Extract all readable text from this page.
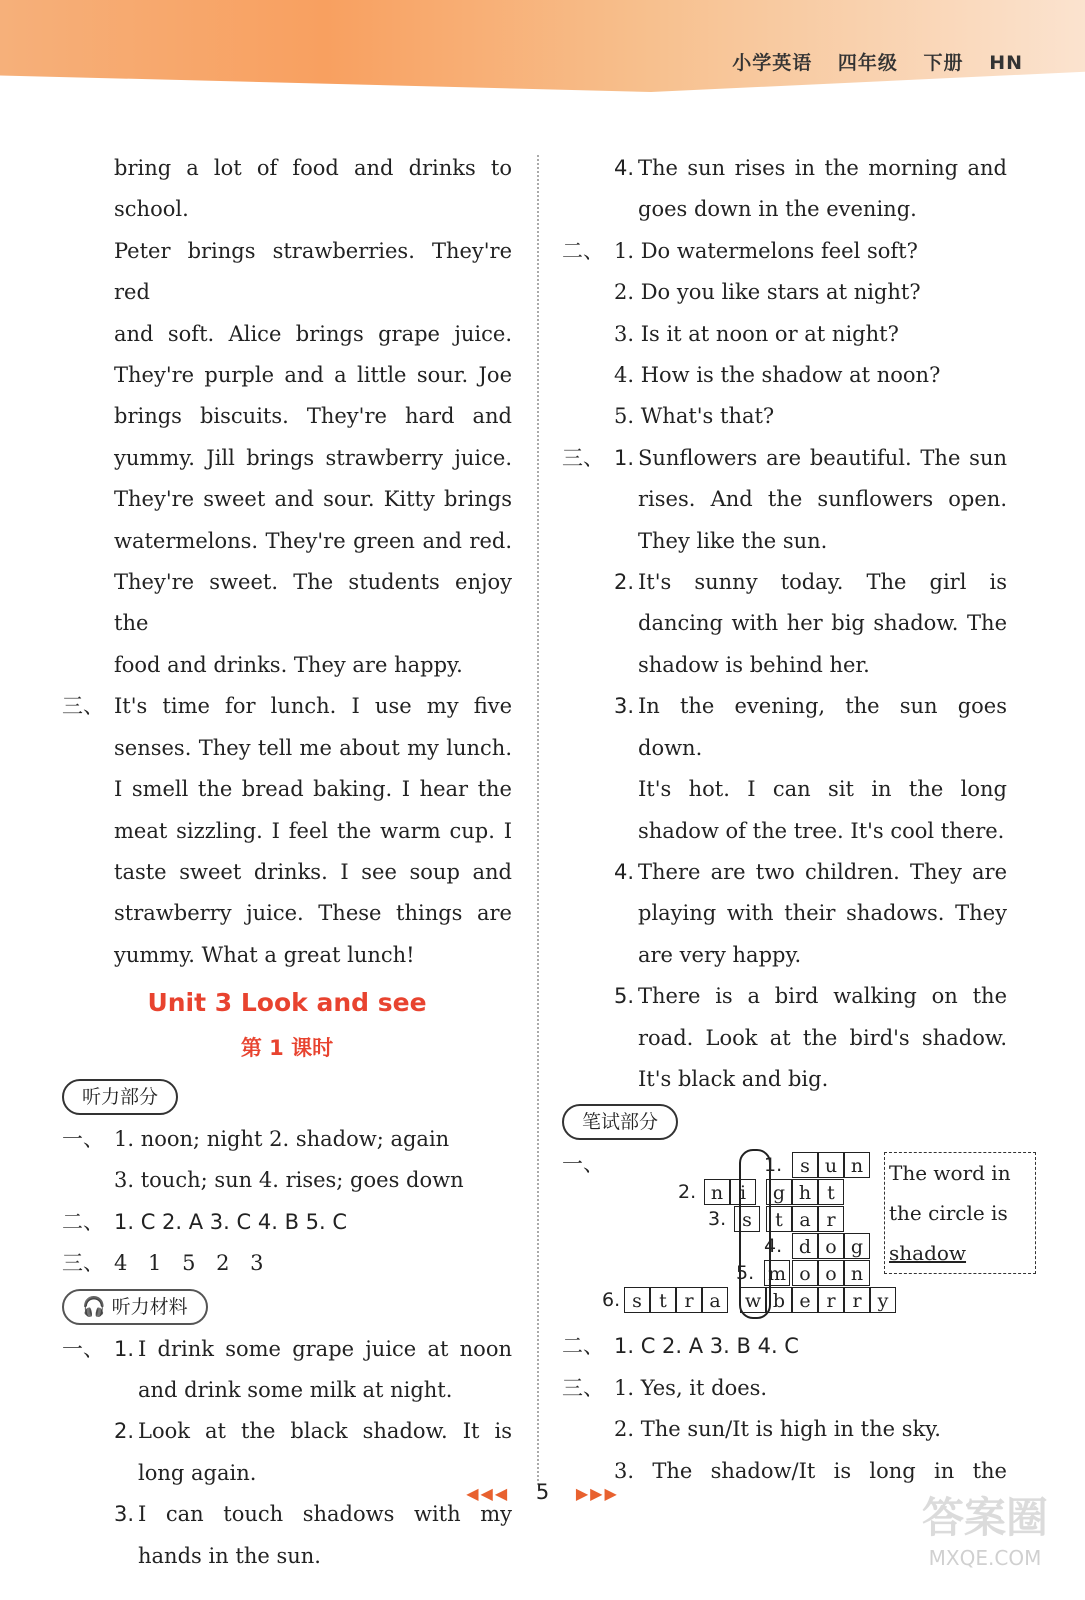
小学英语 四年级 下册 HN

bring a lot of food and drinks to school.

Peter brings strawberries. They're red

and soft. Alice brings grape juice.

They're purple and a little sour. Joe

brings biscuits. They're hard and

yummy. Jill brings strawberry juice.

They're sweet and sour. Kitty brings

watermelons. They're green and red.

They're sweet. The students enjoy the

food and drinks. They are happy.

三、 It's time for lunch. I use my five

senses. They tell me about my lunch.

I smell the bread baking. I hear the

meat sizzling. I feel the warm cup. I

taste sweet drinks. I see soup and

strawberry juice. These things are

yummy. What a great lunch!

Unit 3 Look and see
第 1 课时
听力部分
一、 1. noon; night 2. shadow; again

3. touch; sun 4. rises; goes down

二、 1. C 2. A 3. C 4. B 5. C

三、 4 1 5 2 3

🎧 听力材料
一、 1. I drink some grape juice at noon

and drink some milk at night.

2. Look at the black shadow. It is

long again.

3. I can touch shadows with my

hands in the sun.

4. The sun rises in the morning and

goes down in the evening.

二、 1. Do watermelons feel soft?

2. Do you like stars at night?

3. Is it at noon or at night?

4. How is the shadow at noon?

5. What's that?

三、 1. Sunflowers are beautiful. The sun

rises. And the sunflowers open.

They like the sun.

2. It's sunny today. The girl is

dancing with her big shadow. The

shadow is behind her.

3. In the evening, the sun goes down.

It's hot. I can sit in the long

shadow of the tree. It's cool there.

4. There are two children. They are

playing with their shadows. They

are very happy.

5. There is a bird walking on the

road. Look at the bird's shadow.

It's black and big.

笔试部分
一、	1. s u n
2. n i	g h t
3. s	t a r
4. d o g
5. m o o n
6. s t r a	w b e r r y
The word in
the circle is
shadow
二、 1. C 2. A 3. B 4. C

三、 1. Yes, it does.

2. The sun/It is high in the sky.

3. The shadow/It is long in the

◀◀◀ 5 ▶▶▶	答案圈
MXQE.COM
